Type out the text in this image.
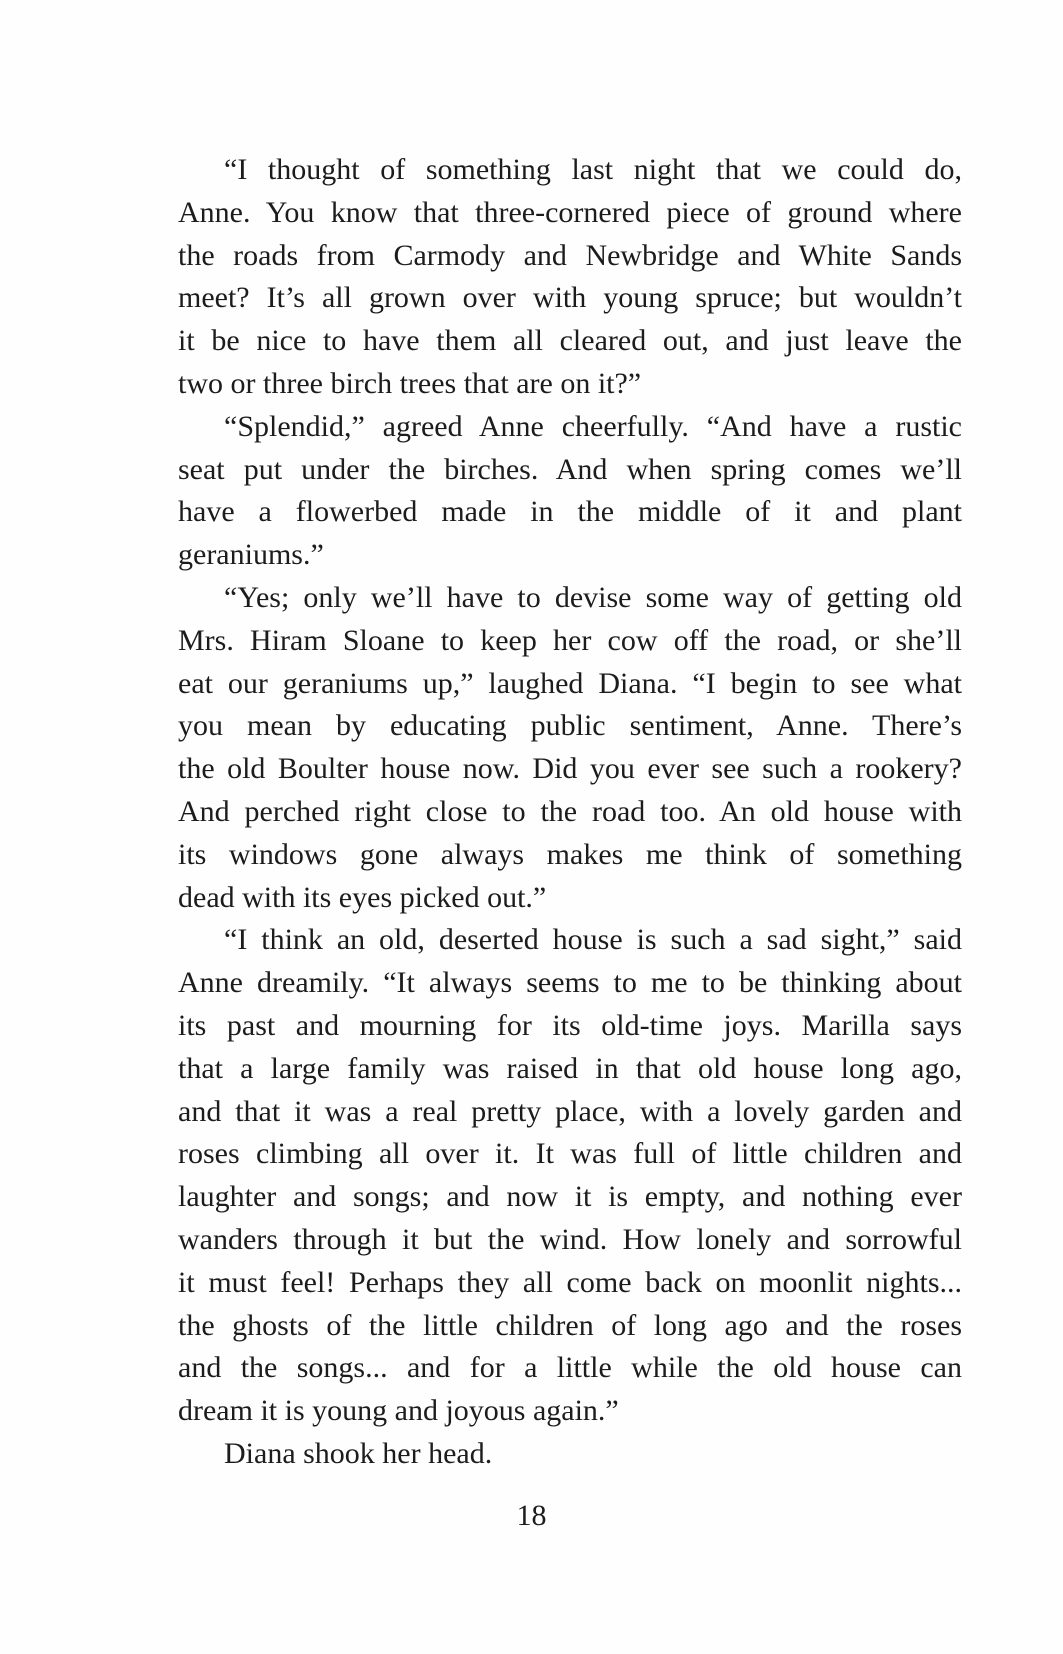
“I thought of something last night that we could do,
Anne. You know that three-cornered piece of ground where
the roads from Carmody and Newbridge and White Sands
meet? It’s all grown over with young spruce; but wouldn’t
it be nice to have them all cleared out, and just leave the
two or three birch trees that are on it?”
“Splendid,” agreed Anne cheerfully. “And have a rustic
seat put under the birches. And when spring comes we’ll
have a flowerbed made in the middle of it and plant
geraniums.”
“Yes; only we’ll have to devise some way of getting old
Mrs. Hiram Sloane to keep her cow off the road, or she’ll
eat our geraniums up,” laughed Diana. “I begin to see what
you mean by educating public sentiment, Anne. There’s
the old Boulter house now. Did you ever see such a rookery?
And perched right close to the road too. An old house with
its windows gone always makes me think of something
dead with its eyes picked out.”
“I think an old, deserted house is such a sad sight,” said
Anne dreamily. “It always seems to me to be thinking about
its past and mourning for its old-time joys. Marilla says
that a large family was raised in that old house long ago,
and that it was a real pretty place, with a lovely garden and
roses climbing all over it. It was full of little children and
laughter and songs; and now it is empty, and nothing ever
wanders through it but the wind. How lonely and sorrowful
it must feel! Perhaps they all come back on moonlit nights...
the ghosts of the little children of long ago and the roses
and the songs... and for a little while the old house can
dream it is young and joyous again.”
Diana shook her head.
18
